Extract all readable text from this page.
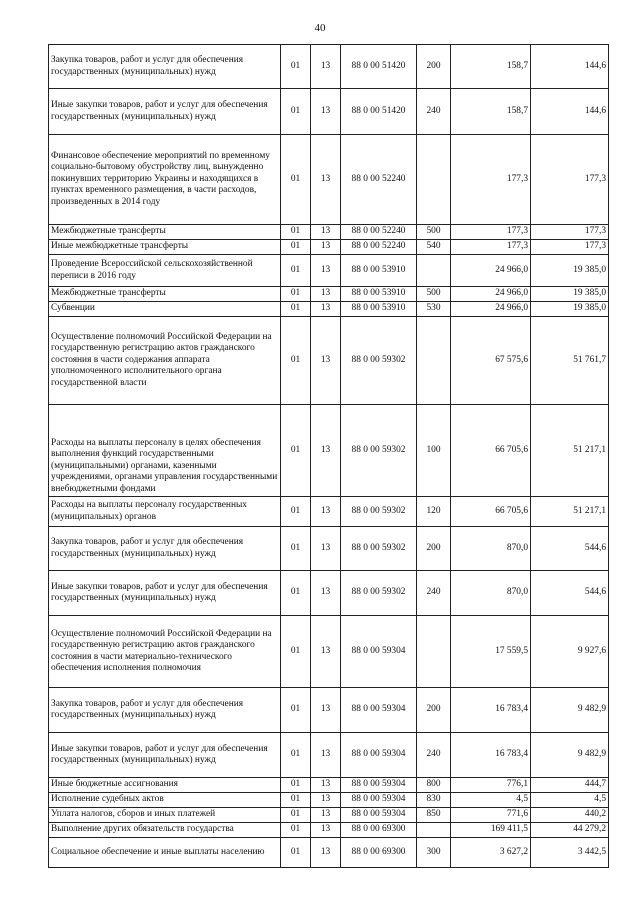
40
Закупка товаров, работ и услуг для обеспечения государственных (муниципальных) нужд	01	13	88 0 00 51420	200	158,7	144,6
Иные закупки товаров, работ и услуг для обеспечения государственных (муниципальных) нужд	01	13	88 0 00 51420	240	158,7	144,6
Финансовое обеспечение мероприятий по временному социально-бытовому обустройству лиц, вынужденно покинувших территорию Украины и находящихся в пунктах временного размещения, в части расходов, произведенных в 2014 году	01	13	88 0 00 52240		177,3	177,3
Межбюджетные трансферты	01	13	88 0 00 52240	500	177,3	177,3
Иные межбюджетные трансферты	01	13	88 0 00 52240	540	177,3	177,3
Проведение Всероссийской сельскохозяйственной переписи в 2016 году	01	13	88 0 00 53910		24 966,0	19 385,0
Межбюджетные трансферты	01	13	88 0 00 53910	500	24 966,0	19 385,0
Субвенции	01	13	88 0 00 53910	530	24 966,0	19 385,0
Осуществление полномочий Российской Федерации на государственную регистрацию актов гражданского состояния в части содержания аппарата уполномоченного исполнительного органа государственной власти	01	13	88 0 00 59302		67 575,6	51 761,7
Расходы на выплаты персоналу в целях обеспечения выполнения функций государственными (муниципальными) органами, казенными учреждениями, органами управления государственными внебюджетными фондами	01	13	88 0 00 59302	100	66 705,6	51 217,1
Расходы на выплаты персоналу государственных (муниципальных) органов	01	13	88 0 00 59302	120	66 705,6	51 217,1
Закупка товаров, работ и услуг для обеспечения государственных (муниципальных) нужд	01	13	88 0 00 59302	200	870,0	544,6
Иные закупки товаров, работ и услуг для обеспечения государственных (муниципальных) нужд	01	13	88 0 00 59302	240	870,0	544,6
Осуществление полномочий Российской Федерации на государственную регистрацию актов гражданского состояния в части материально-технического обеспечения исполнения полномочия	01	13	88 0 00 59304		17 559,5	9 927,6
Закупка товаров, работ и услуг для обеспечения государственных (муниципальных) нужд	01	13	88 0 00 59304	200	16 783,4	9 482,9
Иные закупки товаров, работ и услуг для обеспечения государственных (муниципальных) нужд	01	13	88 0 00 59304	240	16 783,4	9 482,9
Иные бюджетные ассигнования	01	13	88 0 00 59304	800	776,1	444,7
Исполнение судебных актов	01	13	88 0 00 59304	830	4,5	4,5
Уплата налогов, сборов и иных платежей	01	13	88 0 00 59304	850	771,6	440,2
Выполнение других обязательств государства	01	13	88 0 00 69300		169 411,5	44 279,2
Социальное обеспечение и иные выплаты населению	01	13	88 0 00 69300	300	3 627,2	3 442,5
